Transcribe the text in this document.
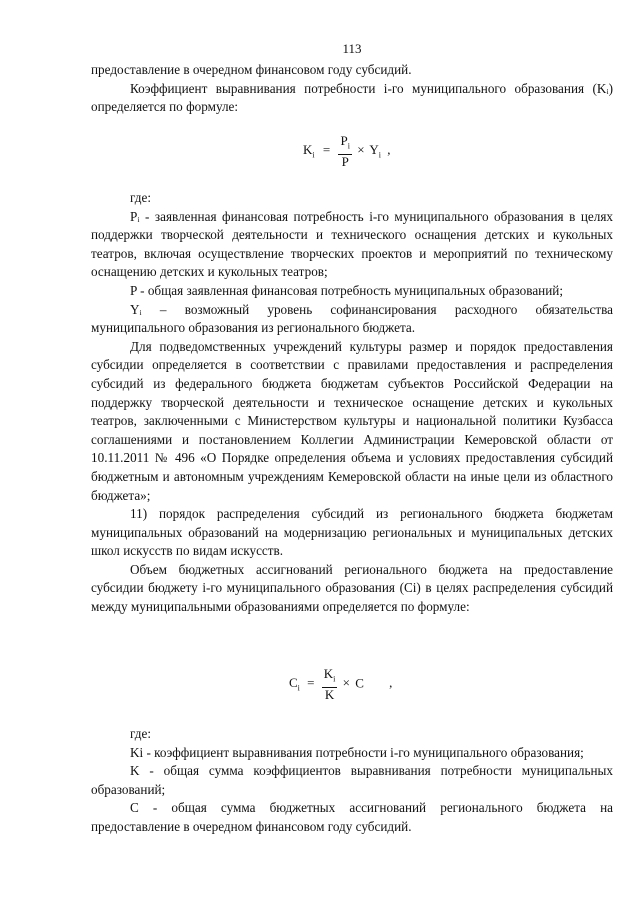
113

предоставление в очередном финансовом году субсидий.

Коэффициент выравнивания потребности i-го муниципального образования (Kᵢ) определяется по формуле:

$K_i = \frac{P_i}{P} \times Y_i$ ,

где:

Pᵢ - заявленная финансовая потребность i-го муниципального образования в целях поддержки творческой деятельности и технического оснащения детских и кукольных театров, включая осуществление творческих проектов и мероприятий по техническому оснащению детских и кукольных театров;

P - общая заявленная финансовая потребность муниципальных образований;

Yᵢ – возможный уровень софинансирования расходного обязательства муниципального образования из регионального бюджета.

Для подведомственных учреждений культуры размер и порядок предоставления субсидии определяется в соответствии с правилами предоставления и распределения субсидий из федерального бюджета бюджетам субъектов Российской Федерации на поддержку творческой деятельности и техническое оснащение детских и кукольных театров, заключенными с Министерством культуры и национальной политики Кузбасса соглашениями и постановлением Коллегии Администрации Кемеровской области от 10.11.2011 № 496 «О Порядке определения объема и условиях предоставления субсидий бюджетным и автономным учреждениям Кемеровской области на иные цели из областного бюджета»;

11) порядок распределения субсидий из регионального бюджета бюджетам муниципальных образований на модернизацию региональных и муниципальных детских школ искусств по видам искусств.

Объем бюджетных ассигнований регионального бюджета на предоставление субсидии бюджету i-го муниципального образования (Ci) в целях распределения субсидий между муниципальными образованиями определяется по формуле:

$C_i = \frac{K_i}{K} \times C$ ,

где:

Ki - коэффициент выравнивания потребности i-го муниципального образования;

K - общая сумма коэффициентов выравнивания потребности муниципальных образований;

C - общая сумма бюджетных ассигнований регионального бюджета на предоставление в очередном финансовом году субсидий.
